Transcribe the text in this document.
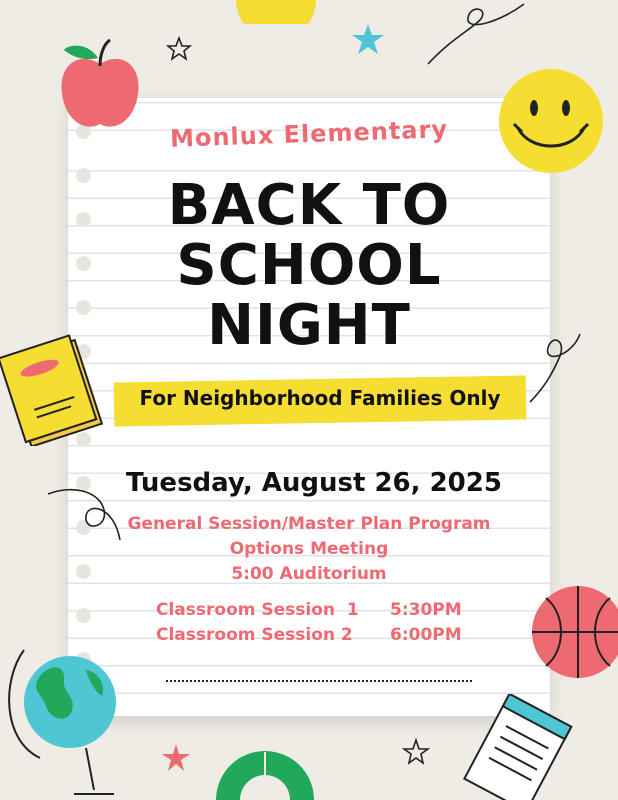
Monlux Elementary
BACK TO
SCHOOL
NIGHT
For Neighborhood Families Only
Tuesday, August 26, 2025
General Session/Master Plan Program
Options Meeting
5:00 Auditorium
Classroom Session  1 5:30PM
Classroom Session 2 6:00PM
